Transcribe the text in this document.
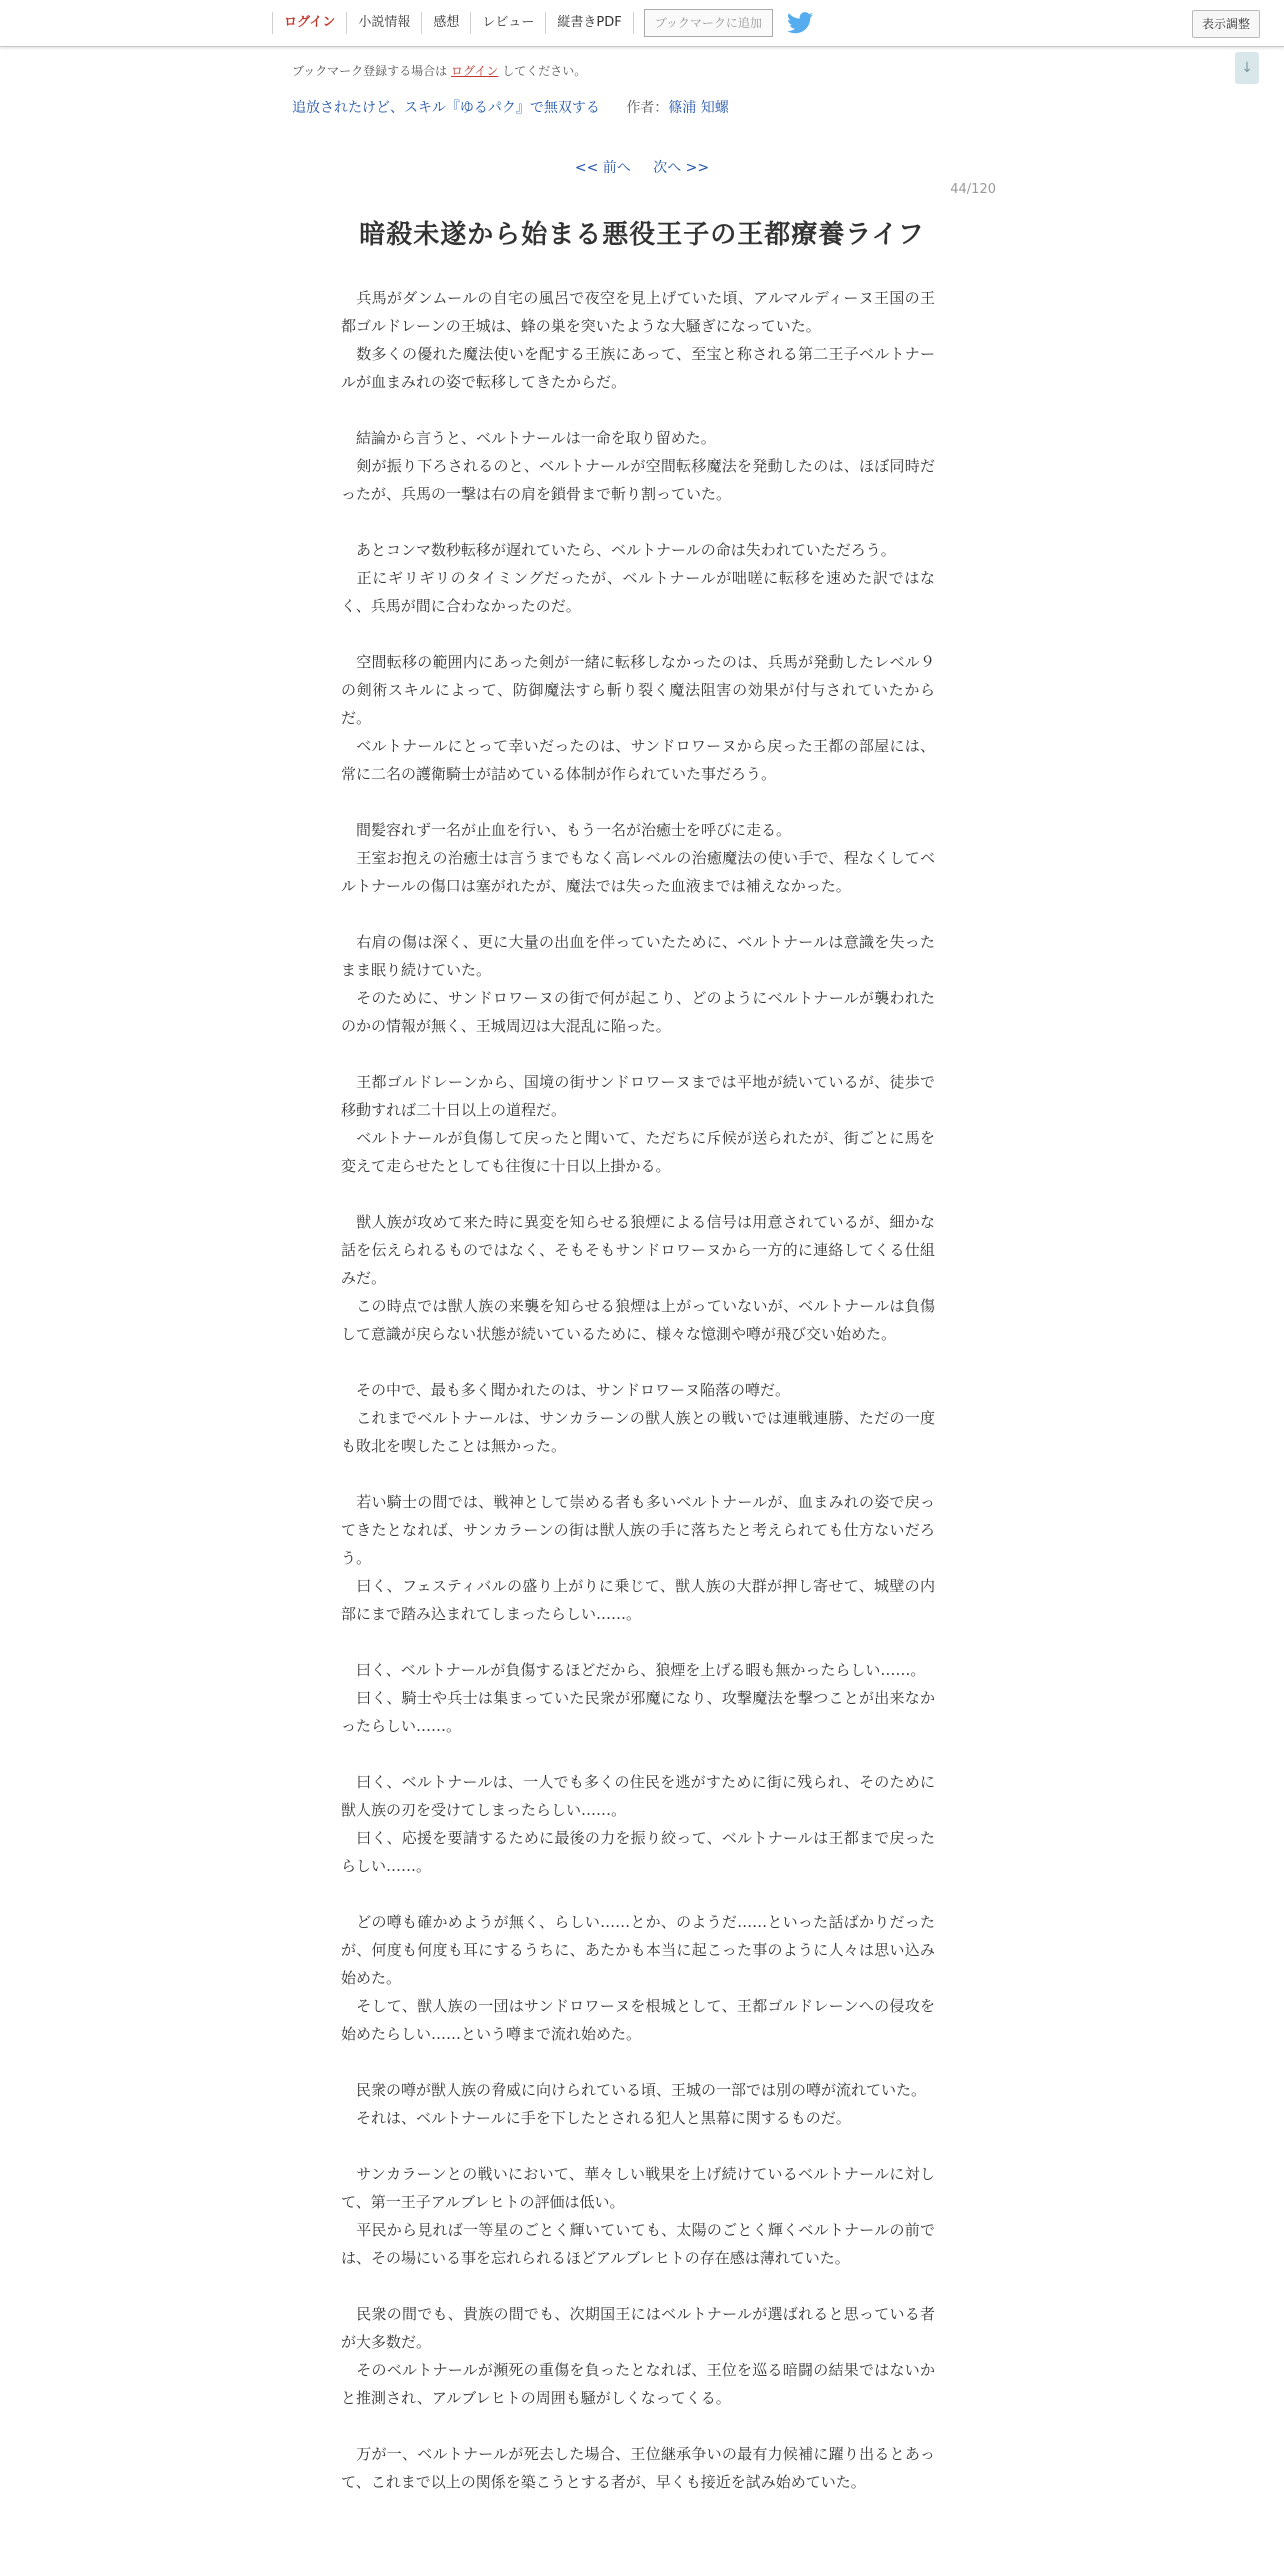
ログイン	小説情報	感想	レビュー	縦書きPDF	ブックマークに追加	表示調整
↓
ブックマーク登録する場合は ログイン してください。
追放されたけど、スキル『ゆるパク』で無双する 作者：篠浦 知螺
<< 前へ 次へ >>
44/120
暗殺未遂から始まる悪役王子の王都療養ライフ

　兵馬がダンムールの自宅の風呂で夜空を見上げていた頃、アルマルディーヌ王国の王都ゴルドレーンの王城は、蜂の巣を突いたような大騒ぎになっていた。

　数多くの優れた魔法使いを配する王族にあって、至宝と称される第二王子ベルトナールが血まみれの姿で転移してきたからだ。

　結論から言うと、ベルトナールは一命を取り留めた。

　剣が振り下ろされるのと、ベルトナールが空間転移魔法を発動したのは、ほぼ同時だったが、兵馬の一撃は右の肩を鎖骨まで斬り割っていた。

　あとコンマ数秒転移が遅れていたら、ベルトナールの命は失われていただろう。

　正にギリギリのタイミングだったが、ベルトナールが咄嗟に転移を速めた訳ではなく、兵馬が間に合わなかったのだ。

　空間転移の範囲内にあった剣が一緒に転移しなかったのは、兵馬が発動したレベル９の剣術スキルによって、防御魔法すら斬り裂く魔法阻害の効果が付与されていたからだ。

　ベルトナールにとって幸いだったのは、サンドロワーヌから戻った王都の部屋には、常に二名の護衛騎士が詰めている体制が作られていた事だろう。

　間髪容れず一名が止血を行い、もう一名が治癒士を呼びに走る。

　王室お抱えの治癒士は言うまでもなく高レベルの治癒魔法の使い手で、程なくしてベルトナールの傷口は塞がれたが、魔法では失った血液までは補えなかった。

　右肩の傷は深く、更に大量の出血を伴っていたために、ベルトナールは意識を失ったまま眠り続けていた。

　そのために、サンドロワーヌの街で何が起こり、どのようにベルトナールが襲われたのかの情報が無く、王城周辺は大混乱に陥った。

　王都ゴルドレーンから、国境の街サンドロワーヌまでは平地が続いているが、徒歩で移動すれば二十日以上の道程だ。

　ベルトナールが負傷して戻ったと聞いて、ただちに斥候が送られたが、街ごとに馬を変えて走らせたとしても往復に十日以上掛かる。

　獣人族が攻めて来た時に異変を知らせる狼煙による信号は用意されているが、細かな話を伝えられるものではなく、そもそもサンドロワーヌから一方的に連絡してくる仕組みだ。

　この時点では獣人族の来襲を知らせる狼煙は上がっていないが、ベルトナールは負傷して意識が戻らない状態が続いているために、様々な憶測や噂が飛び交い始めた。

　その中で、最も多く聞かれたのは、サンドロワーヌ陥落の噂だ。

　これまでベルトナールは、サンカラーンの獣人族との戦いでは連戦連勝、ただの一度も敗北を喫したことは無かった。

　若い騎士の間では、戦神として崇める者も多いベルトナールが、血まみれの姿で戻ってきたとなれば、サンカラーンの街は獣人族の手に落ちたと考えられても仕方ないだろう。

　曰く、フェスティバルの盛り上がりに乗じて、獣人族の大群が押し寄せて、城壁の内部にまで踏み込まれてしまったらしい……。

　曰く、ベルトナールが負傷するほどだから、狼煙を上げる暇も無かったらしい……。

　曰く、騎士や兵士は集まっていた民衆が邪魔になり、攻撃魔法を撃つことが出来なかったらしい……。

　曰く、ベルトナールは、一人でも多くの住民を逃がすために街に残られ、そのために獣人族の刃を受けてしまったらしい……。

　曰く、応援を要請するために最後の力を振り絞って、ベルトナールは王都まで戻ったらしい……。

　どの噂も確かめようが無く、らしい……とか、のようだ……といった話ばかりだったが、何度も何度も耳にするうちに、あたかも本当に起こった事のように人々は思い込み始めた。

　そして、獣人族の一団はサンドロワーヌを根城として、王都ゴルドレーンへの侵攻を始めたらしい……という噂まで流れ始めた。

　民衆の噂が獣人族の脅威に向けられている頃、王城の一部では別の噂が流れていた。

　それは、ベルトナールに手を下したとされる犯人と黒幕に関するものだ。

　サンカラーンとの戦いにおいて、華々しい戦果を上げ続けているベルトナールに対して、第一王子アルブレヒトの評価は低い。

　平民から見れば一等星のごとく輝いていても、太陽のごとく輝くベルトナールの前では、その場にいる事を忘れられるほどアルブレヒトの存在感は薄れていた。

　民衆の間でも、貴族の間でも、次期国王にはベルトナールが選ばれると思っている者が大多数だ。

　そのベルトナールが瀕死の重傷を負ったとなれば、王位を巡る暗闘の結果ではないかと推測され、アルブレヒトの周囲も騒がしくなってくる。

　万が一、ベルトナールが死去した場合、王位継承争いの最有力候補に躍り出るとあって、これまで以上の関係を築こうとする者が、早くも接近を試み始めていた。
